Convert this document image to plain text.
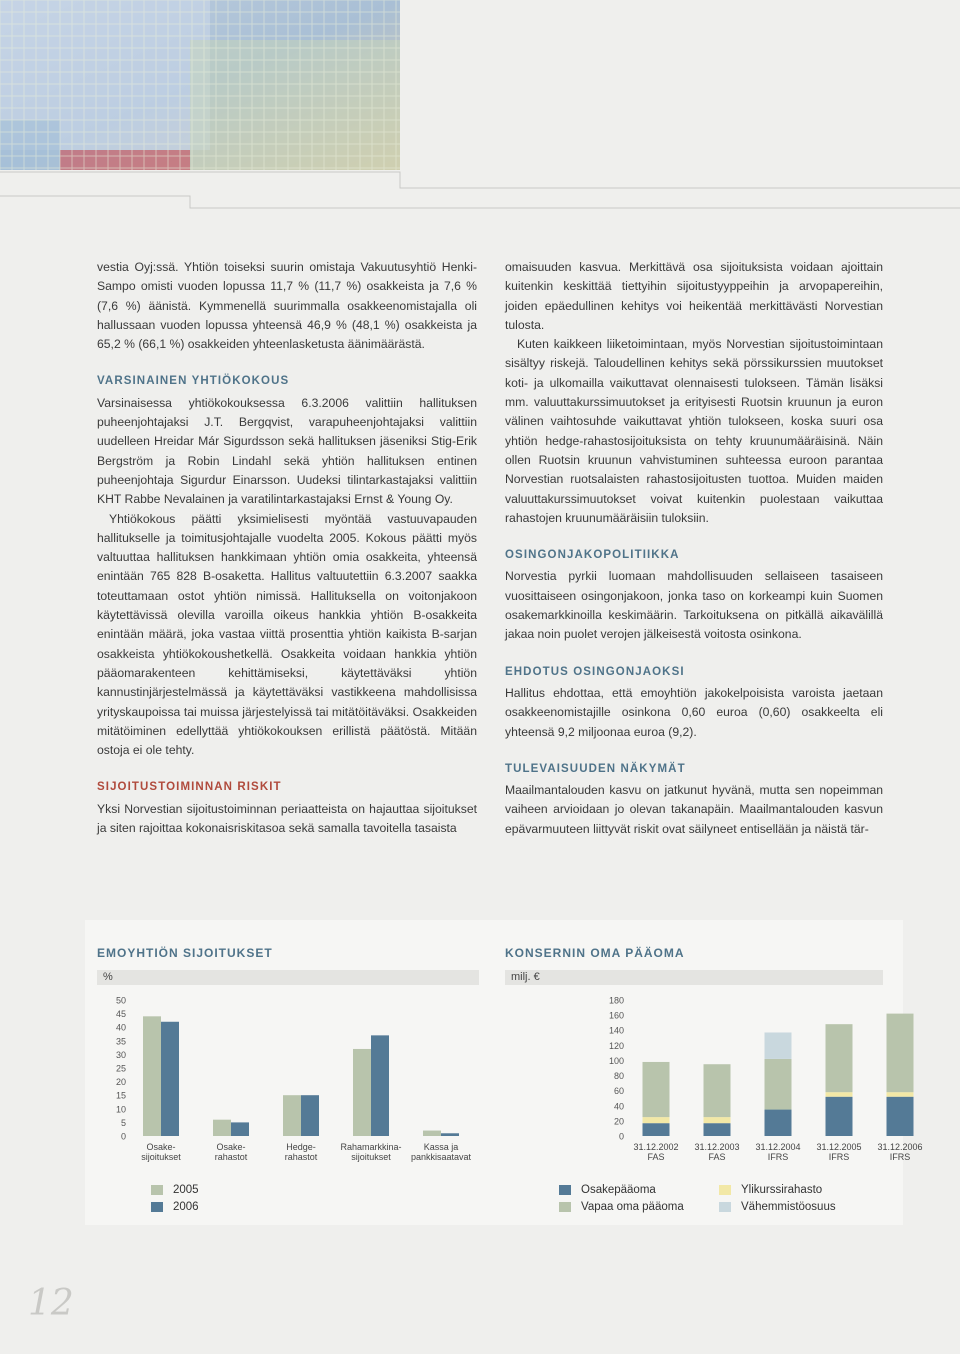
vestia Oyj:ssä. Yhtiön toiseksi suurin omistaja Vakuutusyhtiö Henki-Sampo omisti vuoden lopussa 11,7 % (11,7 %) osakkeista ja 7,6 % (7,6 %) äänistä. Kymmenellä suurimmalla osakkeenomistajalla oli hallussaan vuoden lopussa yhteensä 46,9 % (48,1 %) osakkeista ja 65,2 % (66,1 %) osakkeiden yhteenlasketusta äänimäärästä.

VARSINAINEN YHTIÖKOKOUS

Varsinaisessa yhtiökokouksessa 6.3.2006 valittiin hallituksen puheenjohtajaksi J.T. Bergqvist, varapuheenjohtajaksi valittiin uudelleen Hreidar Már Sigurdsson sekä hallituksen jäseniksi Stig-Erik Bergström ja Robin Lindahl sekä yhtiön hallituksen entinen puheenjohtaja Sigurdur Einarsson. Uudeksi tilintarkastajaksi valittiin KHT Rabbe Nevalainen ja varatilintarkastajaksi Ernst & Young Oy.

Yhtiökokous päätti yksimielisesti myöntää vastuuvapauden hallitukselle ja toimitusjohtajalle vuodelta 2005. Kokous päätti myös valtuuttaa hallituksen hankkimaan yhtiön omia osakkeita, yhteensä enintään 765 828 B-osaketta. Hallitus valtuutettiin 6.3.2007 saakka toteuttamaan ostot yhtiön nimissä. Hallituksella on voitonjakoon käytettävissä olevilla varoilla oikeus hankkia yhtiön B-osakkeita enintään määrä, joka vastaa viittä prosenttia yhtiön kaikista B-sarjan osakkeista yhtiökokoushetkellä. Osakkeita voidaan hankkia yhtiön pääomarakenteen kehittämiseksi, käytettäväksi yhtiön kannustinjärjestelmässä ja käytettäväksi vastikkeena mahdollisissa yrityskaupoissa tai muissa järjestelyissä tai mitätöitäväksi. Osakkeiden mitätöiminen edellyttää yhtiökokouksen erillistä päätöstä. Mitään ostoja ei ole tehty.

SIJOITUSTOIMINNAN RISKIT

Yksi Norvestian sijoitustoiminnan periaatteista on hajauttaa sijoitukset ja siten rajoittaa kokonaisriskitasoa sekä samalla tavoitella tasaista

omaisuuden kasvua. Merkittävä osa sijoituksista voidaan ajoittain kuitenkin keskittää tiettyihin sijoitustyyppeihin ja arvopapereihin, joiden epäedullinen kehitys voi heikentää merkittävästi Norvestian tulosta.

Kuten kaikkeen liiketoimintaan, myös Norvestian sijoitustoimintaan sisältyy riskejä. Taloudellinen kehitys sekä pörssikurssien muutokset koti- ja ulkomailla vaikuttavat olennaisesti tulokseen. Tämän lisäksi mm. valuuttakurssimuutokset ja erityisesti Ruotsin kruunun ja euron välinen vaihtosuhde vaikuttavat yhtiön tulokseen, koska suuri osa yhtiön hedge-rahastosijoituksista on tehty kruunumääräisinä. Näin ollen Ruotsin kruunun vahvistuminen suhteessa euroon parantaa Norvestian ruotsalaisten rahastosijoitusten tuottoa. Muiden maiden valuuttakurssimuutokset voivat kuitenkin puolestaan vaikuttaa rahastojen kruunumääräisiin tuloksiin.

OSINGONJAKOPOLITIIKKA

Norvestia pyrkii luomaan mahdollisuuden sellaiseen tasaiseen vuosittaiseen osingonjakoon, jonka taso on korkeampi kuin Suomen osakemarkkinoilla keskimäärin. Tarkoituksena on pitkällä aikavälillä jakaa noin puolet verojen jälkeisestä voitosta osinkona.

EHDOTUS OSINGONJAOKSI

Hallitus ehdottaa, että emoyhtiön jakokelpoisista varoista jaetaan osakkeenomistajille osinkona 0,60 euroa (0,60) osakkeelta eli yhteensä 9,2 miljoonaa euroa (9,2).

TULEVAISUUDEN NÄKYMÄT

Maailmantalouden kasvu on jatkunut hyvänä, mutta sen nopeimman vaiheen arvioidaan jo olevan takanapäin. Maailmantalouden kasvun epävarmuuteen liittyvät riskit ovat säilyneet entisellään ja näistä tär-

EMOYHTIÖN SIJOITUKSET
%
0
5
10
15
20
25
30
35
40
45
50
Osake-
sijoitukset
Osake-
rahastot
Hedge-
rahastot
Rahamarkkina-
sijoitukset
Kassa ja
pankkisaatavat
2005
2006
KONSERNIN OMA PÄÄOMA
milj. €
0
20
40
60
80
100
120
140
160
180
31.12.2002
FAS
31.12.2003
FAS
31.12.2004
IFRS
31.12.2005
IFRS
31.12.2006
IFRS
Osakepääoma	Ylikurssirahasto
Vapaa oma pääoma	Vähemmistöosuus
12
